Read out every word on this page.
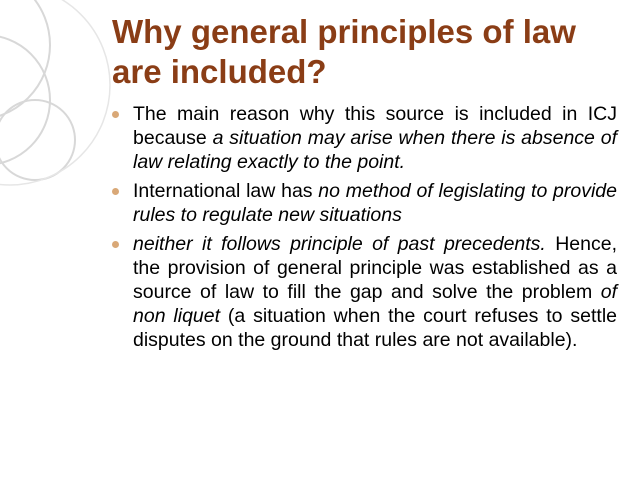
Why general principles of law are included?
The main reason why this source is included in ICJ because a situation may arise when there is absence of law relating exactly to the point.
International law has no method of legislating to provide rules to regulate new situations
neither it follows principle of past precedents. Hence, the provision of general principle was established as a source of law to fill the gap and solve the problem of non liquet (a situation when the court refuses to settle disputes on the ground that rules are not available).
